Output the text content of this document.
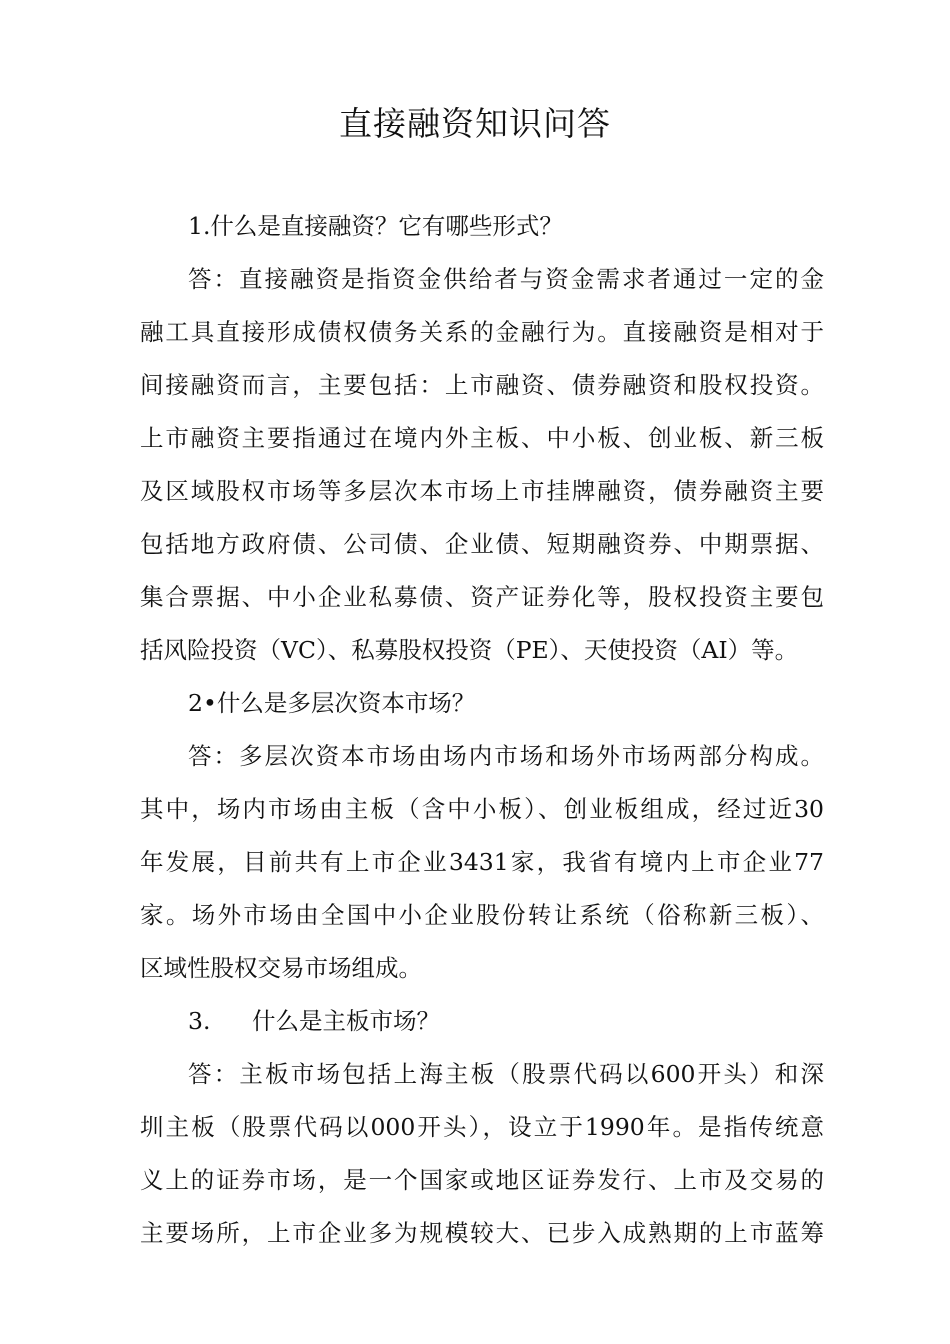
直接融资知识问答
1.什么是直接融资？它有哪些形式？
答：直接融资是指资金供给者与资金需求者通过一定的金
融工具直接形成债权债务关系的金融行为。直接融资是相对于
间接融资而言，主要包括：上市融资、债券融资和股权投资。
上市融资主要指通过在境内外主板、中小板、创业板、新三板
及区域股权市场等多层次本市场上市挂牌融资，债券融资主要
包括地方政府债、公司债、企业债、短期融资券、中期票据、
集合票据、中小企业私募债、资产证券化等，股权投资主要包
括风险投资（VC）、私募股权投资（PE）、天使投资（AI）等。
2•什么是多层次资本市场？
答：多层次资本市场由场内市场和场外市场两部分构成。
其中，场内市场由主板（含中小板）、创业板组成，经过近30
年发展，目前共有上市企业3431家，我省有境内上市企业77
家。场外市场由全国中小企业股份转让系统（俗称新三板）、
区域性股权交易市场组成。
3. 什么是主板市场？
答：主板市场包括上海主板（股票代码以600开头）和深
圳主板（股票代码以000开头），设立于1990年。是指传统意
义上的证券市场，是一个国家或地区证券发行、上市及交易的
主要场所，上市企业多为规模较大、已步入成熟期的上市蓝筹
